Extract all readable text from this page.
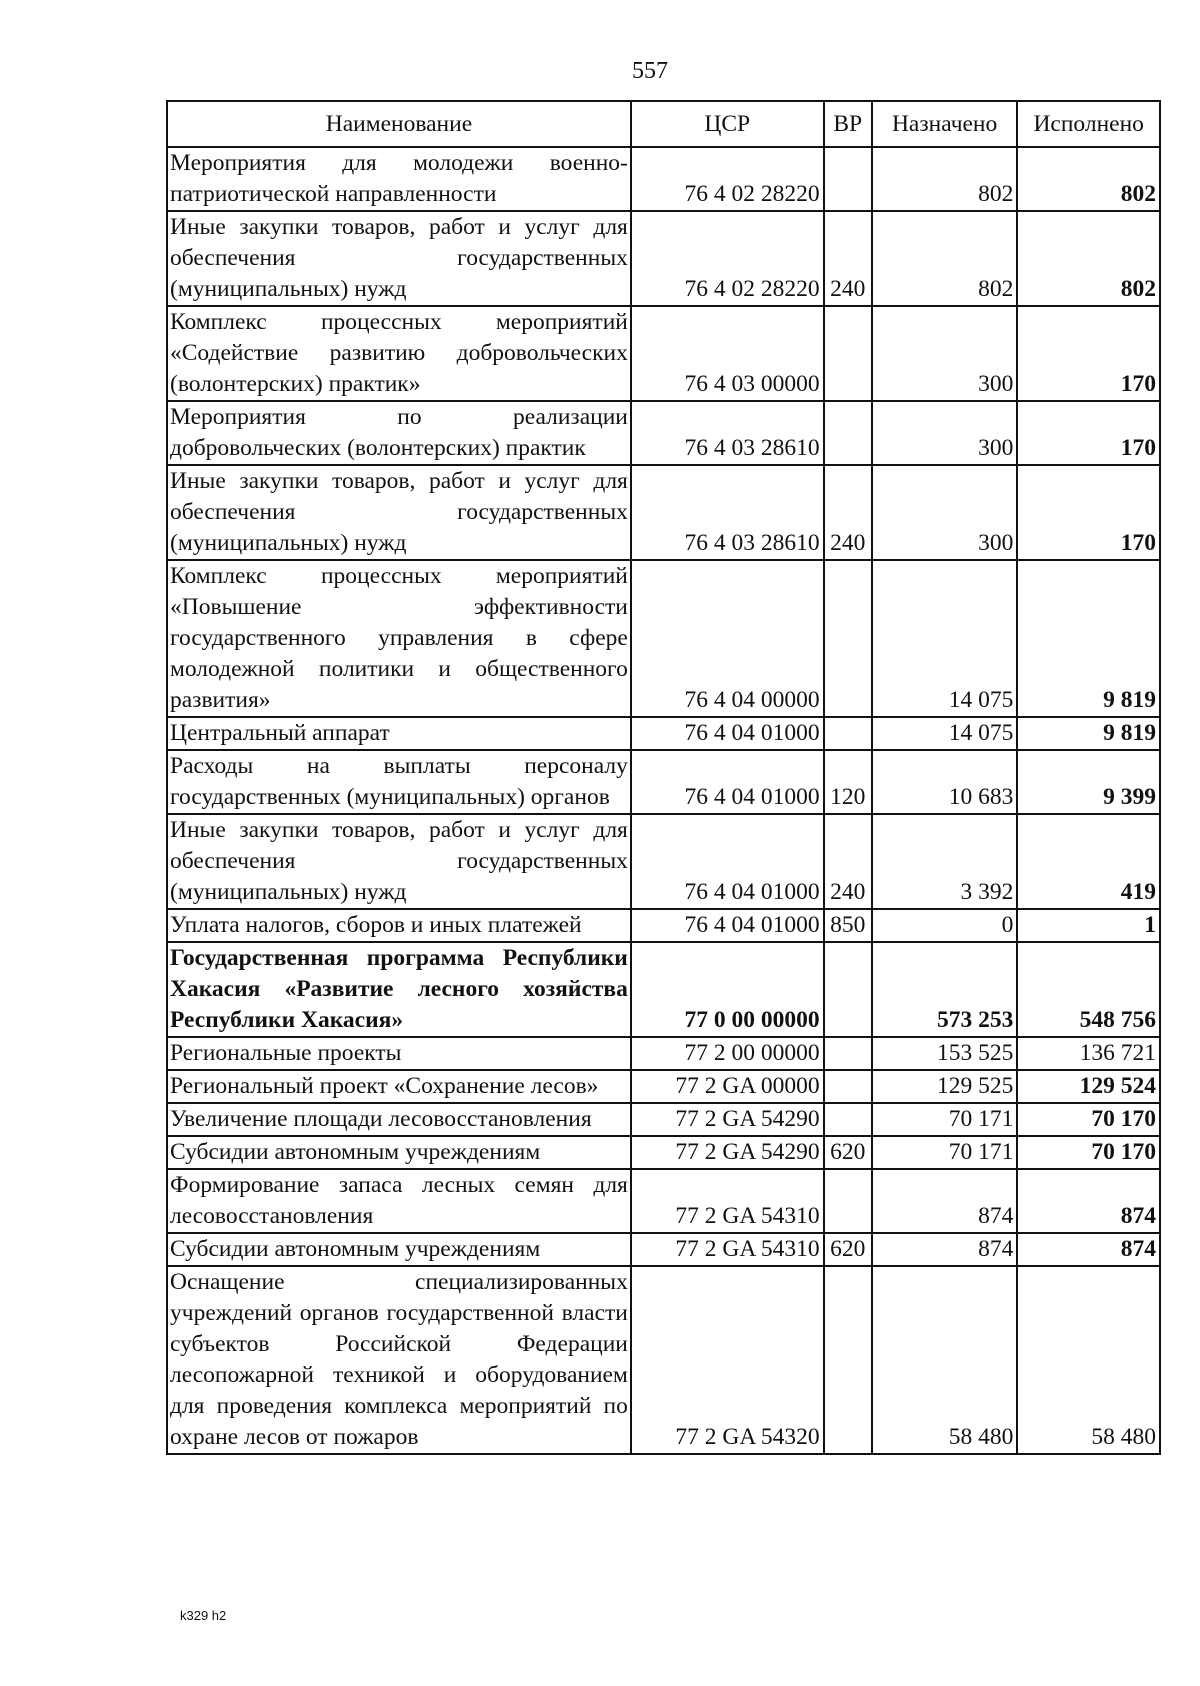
557
Наименование	ЦСР	ВР	Назначено	Исполнено
Мероприятия для молодежи военно-патриотической направленности	76 4 02 28220		802	802
Иные закупки товаров, работ и услуг для обеспечения государственных (муниципальных) нужд	76 4 02 28220	240	802	802
Комплекс процессных мероприятий «Содействие развитию добровольческих (волонтерских) практик»	76 4 03 00000		300	170
Мероприятия по реализации добровольческих (волонтерских) практик	76 4 03 28610		300	170
Иные закупки товаров, работ и услуг для обеспечения государственных (муниципальных) нужд	76 4 03 28610	240	300	170
Комплекс процессных мероприятий «Повышение эффективности государственного управления в сфере молодежной политики и общественного развития»	76 4 04 00000		14 075	9 819
Центральный аппарат	76 4 04 01000		14 075	9 819
Расходы на выплаты персоналу государственных (муниципальных) органов	76 4 04 01000	120	10 683	9 399
Иные закупки товаров, работ и услуг для обеспечения государственных (муниципальных) нужд	76 4 04 01000	240	3 392	419
Уплата налогов, сборов и иных платежей	76 4 04 01000	850	0	1
Государственная программа Республики Хакасия «Развитие лесного хозяйства Республики Хакасия»	77 0 00 00000		573 253	548 756
Региональные проекты	77 2 00 00000		153 525	136 721
Региональный проект «Сохранение лесов»	77 2 GA 00000		129 525	129 524
Увеличение площади лесовосстановления	77 2 GA 54290		70 171	70 170
Субсидии автономным учреждениям	77 2 GA 54290	620	70 171	70 170
Формирование запаса лесных семян для лесовосстановления	77 2 GA 54310		874	874
Субсидии автономным учреждениям	77 2 GA 54310	620	874	874
Оснащение специализированных учреждений органов государственной власти субъектов Российской Федерации лесопожарной техникой и оборудованием для проведения комплекса мероприятий по охране лесов от пожаров	77 2 GA 54320		58 480	58 480
k329 h2
